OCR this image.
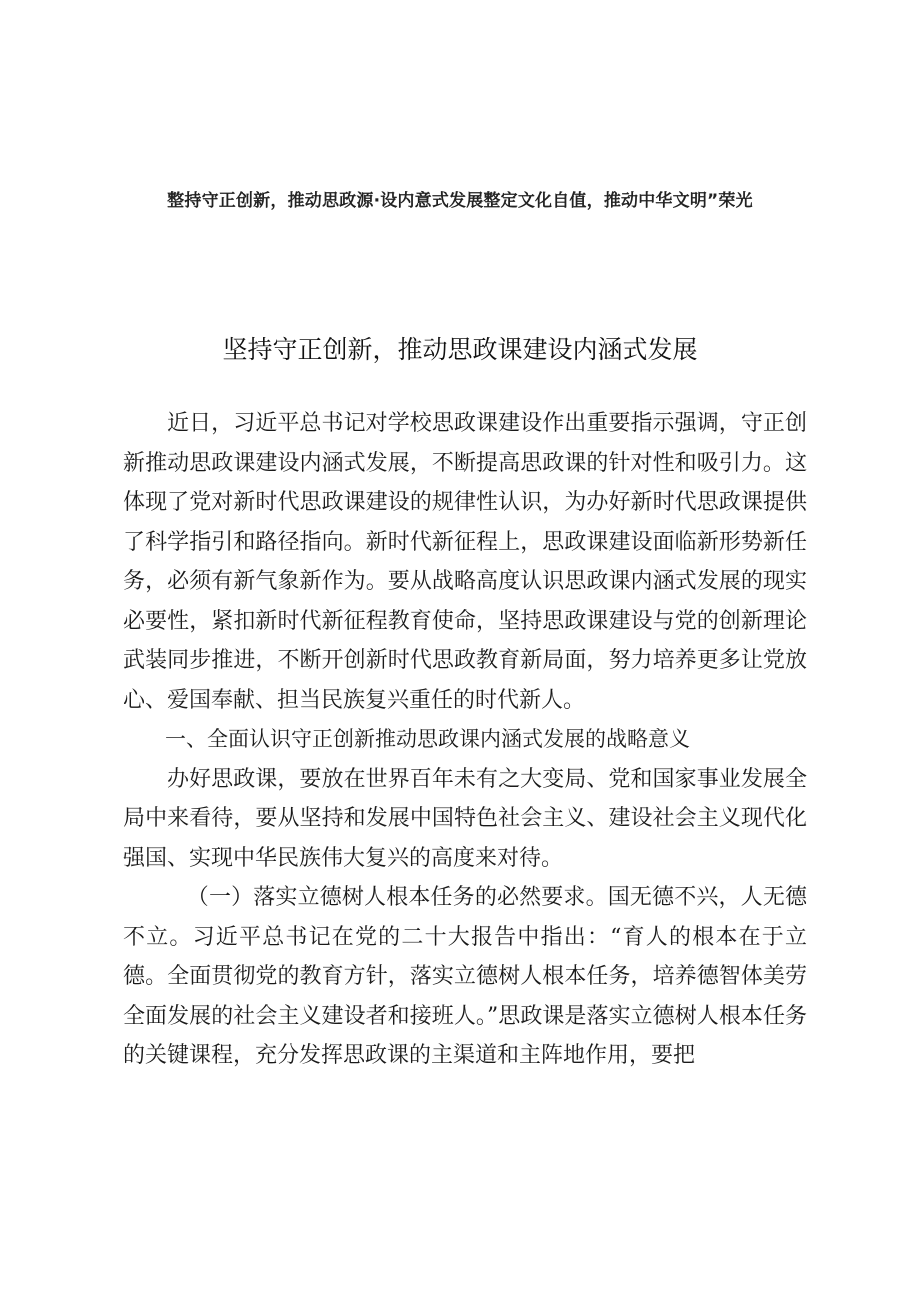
整持守正创新，推动思政源·设内意式发展整定文化自值，推动中华文明”荣光
坚持守正创新，推动思政课建设内涵式发展

近日，习近平总书记对学校思政课建设作出重要指示强调，守正创新推动思政课建设内涵式发展，不断提高思政课的针对性和吸引力。这体现了党对新时代思政课建设的规律性认识，为办好新时代思政课提供了科学指引和路径指向。新时代新征程上，思政课建设面临新形势新任务，必须有新气象新作为。要从战略高度认识思政课内涵式发展的现实必要性，紧扣新时代新征程教育使命，坚持思政课建设与党的创新理论武装同步推进，不断开创新时代思政教育新局面，努力培养更多让党放心、爱国奉献、担当民族复兴重任的时代新人。

一、全面认识守正创新推动思政课内涵式发展的战略意义

办好思政课，要放在世界百年未有之大变局、党和国家事业发展全局中来看待，要从坚持和发展中国特色社会主义、建设社会主义现代化强国、实现中华民族伟大复兴的高度来对待。

（一）落实立德树人根本任务的必然要求。国无德不兴，人无德不立。习近平总书记在党的二十大报告中指出：“育人的根本在于立德。全面贯彻党的教育方针，落实立德树人根本任务，培养德智体美劳全面发展的社会主义建设者和接班人。”思政课是落实立德树人根本任务的关键课程，充分发挥思政课的主渠道和主阵地作用，要把
